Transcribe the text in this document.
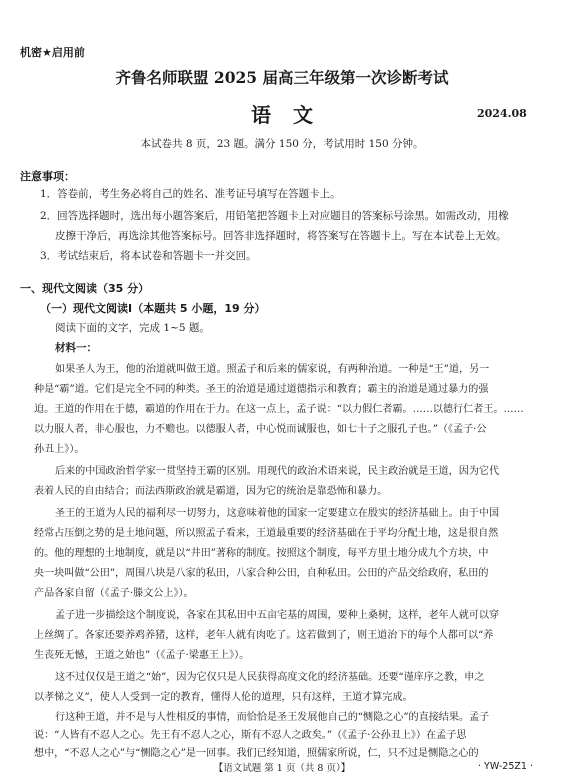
机密★启用前
齐鲁名师联盟 2025 届高三年级第一次诊断考试
语文	2024.08
本试卷共 8 页，23 题。满分 150 分，考试用时 150 分钟。
注意事项：
1．答卷前，考生务必将自己的姓名、准考证号填写在答题卡上。
2．回答选择题时，选出每小题答案后，用铅笔把答题卡上对应题目的答案标号涂黑。如需改动，用橡
皮擦干净后，再选涂其他答案标号。回答非选择题时，将答案写在答题卡上。写在本试卷上无效。
3．考试结束后，将本试卷和答题卡一并交回。
一、现代文阅读（35 分）
（一）现代文阅读Ⅰ（本题共 5 小题，19 分）
阅读下面的文字，完成 1~5 题。
材料一：
如果圣人为王，他的治道就叫做王道。照孟子和后来的儒家说，有两种治道。一种是“王”道，另一
种是“霸”道。它们是完全不同的种类。圣王的治道是通过道德指示和教育；霸主的治道是通过暴力的强
迫。王道的作用在于德，霸道的作用在于力。在这一点上，孟子说：“以力假仁者霸。……以德行仁者王。……
以力服人者，非心服也，力不赡也。以德服人者，中心悦而诚服也，如七十子之服孔子也。”（《孟子·公
孙丑上》）。
后来的中国政治哲学家一贯坚持王霸的区别。用现代的政治术语来说，民主政治就是王道，因为它代
表着人民的自由结合；而法西斯政治就是霸道，因为它的统治是靠恐怖和暴力。
圣王的王道为人民的福利尽一切努力，这意味着他的国家一定要建立在殷实的经济基础上。由于中国
经常占压倒之势的是土地问题，所以照孟子看来，王道最重要的经济基础在于平均分配土地，这是很自然
的。他的理想的土地制度，就是以“井田”著称的制度。按照这个制度，每平方里土地分成九个方块，中
央一块叫做“公田”，周围八块是八家的私田，八家合种公田，自种私田。公田的产品交给政府，私田的
产品各家自留（《孟子·滕文公上》）。
孟子进一步描绘这个制度说，各家在其私田中五亩宅基的周围，要种上桑树，这样，老年人就可以穿
上丝绸了。各家还要养鸡养猪，这样，老年人就有肉吃了。这若做到了，则王道治下的每个人都可以“养
生丧死无憾，王道之始也”（《孟子·梁惠王上》）。
这不过仅仅是王道之“始”，因为它仅只是人民获得高度文化的经济基础。还要“谨庠序之教，申之
以孝悌之义”，使人人受到一定的教育，懂得人伦的道理，只有这样，王道才算完成。
行这种王道，并不是与人性相反的事情，而恰恰是圣王发展他自己的“恻隐之心”的直接结果。孟子
说：“人皆有不忍人之心。先王有不忍人之心，斯有不忍人之政矣。”（《孟子·公孙丑上》）在孟子思
想中，“不忍人之心”与“恻隐之心”是一回事。我们已经知道，照儒家所说，仁，只不过是恻隐之心的
【语文试题 第 1 页（共 8 页）】	· YW-25Z1 ·
